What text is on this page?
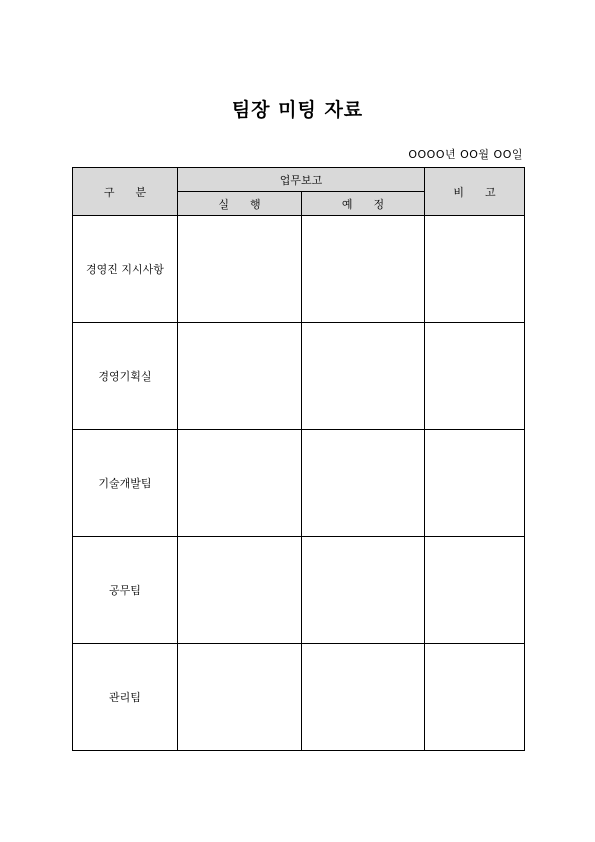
팀장 미팅 자료
OOOO년 OO월 OO일
구      분	업무보고		비      고
	실      행	예      정	
경영진 지시사항			
경영기획실			
기술개발팀			
공무팀			
관리팀			
